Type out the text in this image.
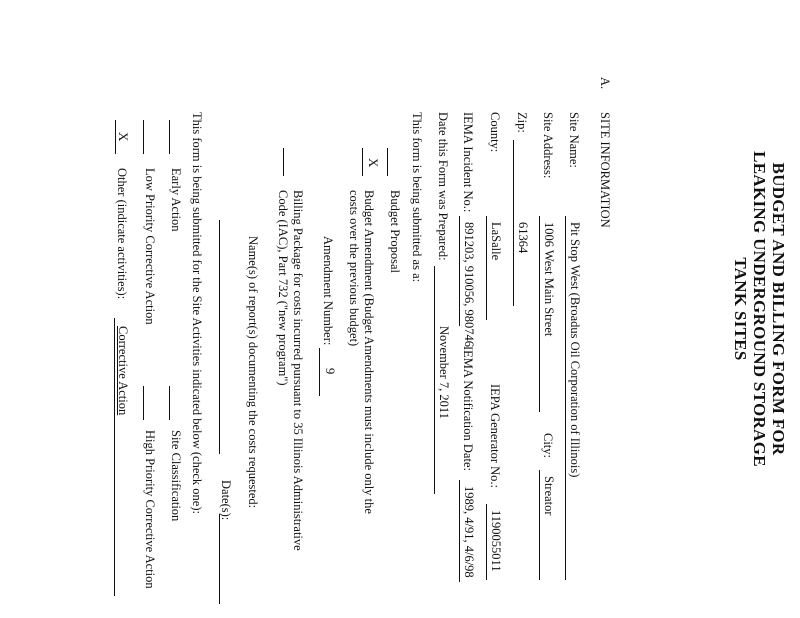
BUDGET AND BILLING FORM FOR
LEAKING UNDERGROUND STORAGE
TANK SITES
A.
SITE INFORMATION
Site Name:
Pit Stop West (Broadus Oil Corporation of Illinois)
Site Address:
1006 West Main Street
City:
Streator
Zip:
61364
County:
LaSalle
IEPA Generator No.:
1190055011
IEMA Incident No.:
891203, 910056, 980746
IEMA Notification Date:
1989, 4/91, 4/6/98
Date this Form was Prepared:
November 7, 2011
This form is being submitted as a:
Budget Proposal
X
Budget Amendment (Budget Amendments must include only the
costs over the previous budget)
Amendment Number:
9
Billing Package for costs incurred pursuant to 35 Illinois Administrative
Code (IAC), Part 732 ("new program")
Name(s) of report(s) documenting the costs requested:
Date(s):
This form is being submitted for the Site Activities indicated below (check one):
Early Action
Site Classification
Low Priority Corrective Action
High Priority Corrective Action
X
Other (indicate activities):
Corrective Action
